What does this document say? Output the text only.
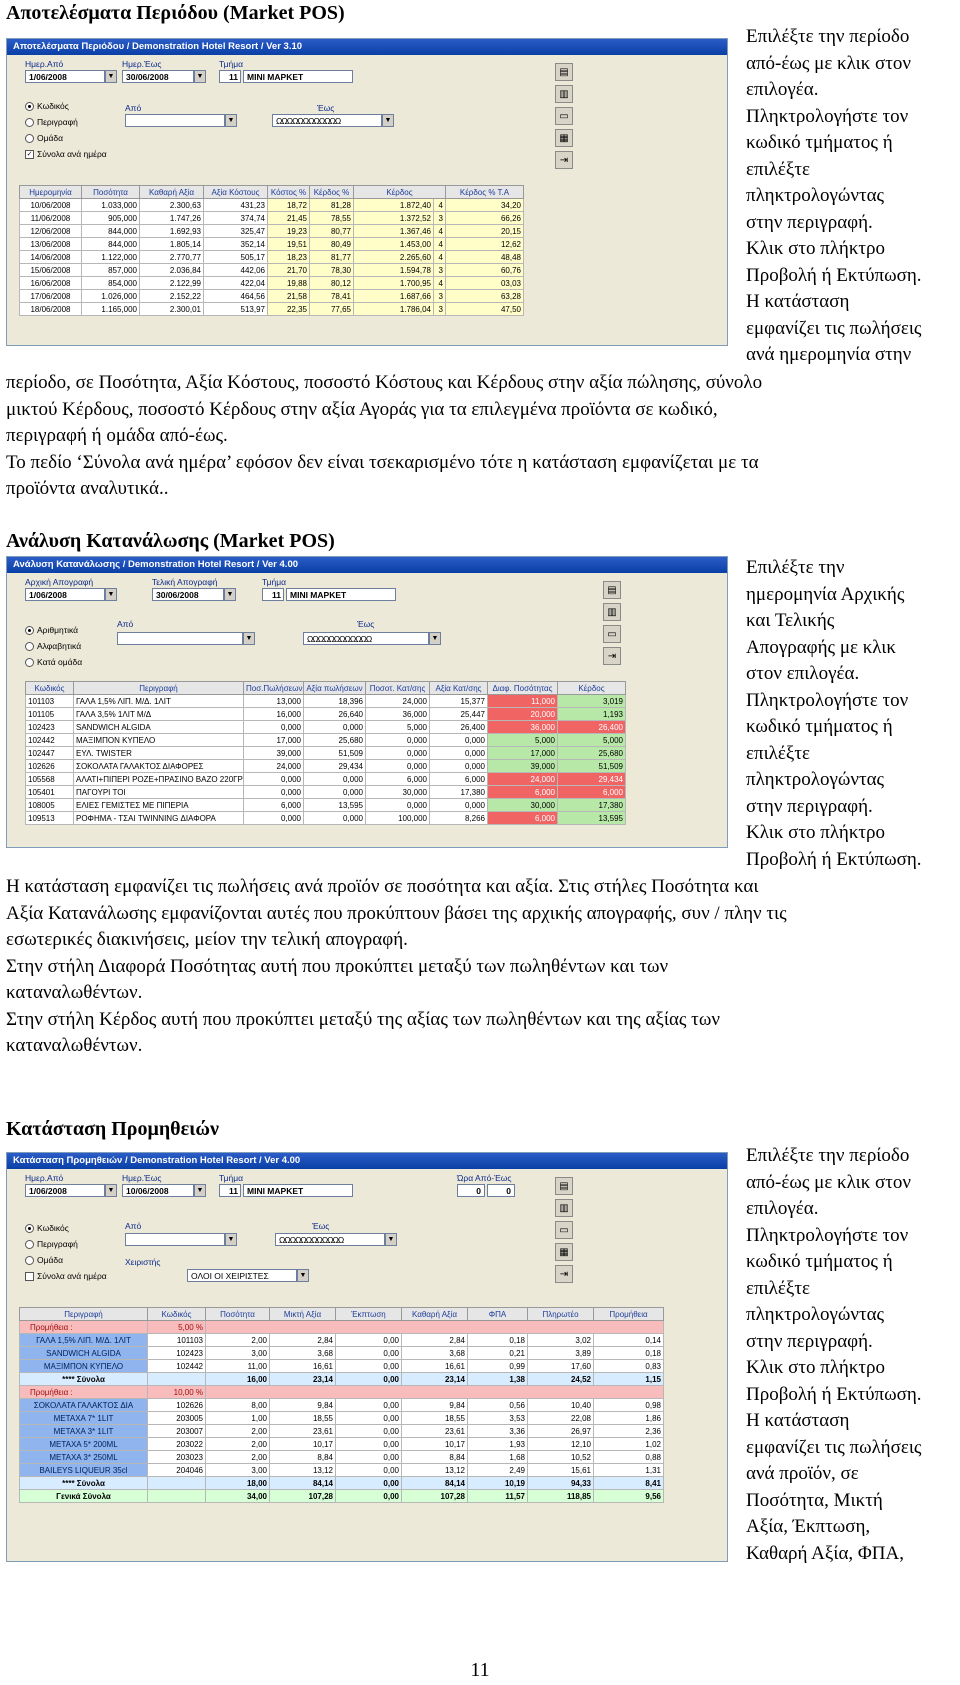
Αποτελέσματα Περιόδου (Market POS)
Αποτελέσματα Περιόδου / Demonstration Hotel Resort / Ver 3.10
Ημερ.Από
1/06/2008	▼
Ημερ.Έως
30/06/2008	▼
Τμήμα
11	MINI MAPKET
Κωδικός
Περιγραφή
Ομάδα
✓ Σύνολα ανά ημέρα
Από
▼
Έως
ΩΩΩΩΩΩΩΩΩΩΩΩ	▼
▤
▥
▭
▦
⇥
Ημερομηνία	Ποσότητα	Καθαρή Αξία	Αξία Κόστους	Κόστος %	Κέρδος %	Κέρδος		Κέρδος % Τ.Α
10/06/2008	1.033,000	2.300,63	431,23	18,72	81,28	1.872,40	4	34,20
11/06/2008	905,000	1.747,26	374,74	21,45	78,55	1.372,52	3	66,26
12/06/2008	844,000	1.692,93	325,47	19,23	80,77	1.367,46	4	20,15
13/06/2008	844,000	1.805,14	352,14	19,51	80,49	1.453,00	4	12,62
14/06/2008	1.122,000	2.770,77	505,17	18,23	81,77	2.265,60	4	48,48
15/06/2008	857,000	2.036,84	442,06	21,70	78,30	1.594,78	3	60,76
16/06/2008	854,000	2.122,99	422,04	19,88	80,12	1.700,95	4	03,03
17/06/2008	1.026,000	2.152,22	464,56	21,58	78,41	1.687,66	3	63,28
18/06/2008	1.165,000	2.300,01	513,97	22,35	77,65	1.786,04	3	47,50
Επιλέξτε την περίοδο
από-έως με κλικ στον
επιλογέα.
Πληκτρολογήστε τον
κωδικό τμήματος ή
επιλέξτε
πληκτρολογώντας
στην περιγραφή.
Κλικ στο πλήκτρο
Προβολή ή Εκτύπωση.
Η κατάσταση
εμφανίζει τις πωλήσεις
ανά ημερομηνία στην
περίοδο, σε Ποσότητα, Αξία Κόστους, ποσοστό Κόστους και Κέρδους στην αξία πώλησης, σύνολο
μικτού Κέρδους, ποσοστό Κέρδους στην αξία Αγοράς για τα επιλεγμένα προϊόντα σε κωδικό,
περιγραφή ή ομάδα από-έως.
Το πεδίο ‘Σύνολα ανά ημέρα’ εφόσον δεν είναι τσεκαρισμένο τότε η κατάσταση εμφανίζεται με τα
προϊόντα αναλυτικά..
Ανάλυση Κατανάλωσης (Market POS)
Ανάλυση Κατανάλωσης / Demonstration Hotel Resort / Ver 4.00
Αρχική Απογραφή
1/06/2008	▼
Τελική Απογραφή
30/06/2008	▼
Τμήμα
11	MINI MAPKET
Αριθμητικά
Αλφαβητικά
Κατά ομάδα
Από
▼
Έως
ΩΩΩΩΩΩΩΩΩΩΩΩ	▼
▤
▥
▭
⇥
Κωδικός	Περιγραφή	Ποσ.Πωλήσεων	Αξία πωλήσεων	Ποσοτ. Κατ/σης	Αξία Κατ/σης	Διαφ. Ποσότητας	Κέρδος
101103	ΓΑΛΑ 1,5% ΛΙΠ. Μ/Δ. 1ΛΙΤ	13,000	18,396	24,000	15,377	11,000	3,019
101105	ΓΑΛΑ 3,5% 1ΛΙΤ Μ/Δ	16,000	26,640	36,000	25,447	20,000	1,193
102423	SANDWICH ALGIDA	0,000	0,000	5,000	26,400	36,000	26,400
102442	ΜΑΞΙΜΠΟΝ ΚΥΠΕΛΟ	17,000	25,680	0,000	0,000	5,000	5,000
102447	ΕΥΛ. TWISTER	39,000	51,509	0,000	0,000	17,000	25,680
102626	ΣΟΚΟΛΑΤΑ ΓΑΛΑΚΤΟΣ ΔΙΑΦΟΡΕΣ	24,000	29,434	0,000	0,000	39,000	51,509
105568	ΑΛΑΤΙ+ΠΙΠΕΡΙ ΡΟΖΕ+ΠΡΑΣΙΝΟ ΒΑΖΟ 220ΓΡ	0,000	0,000	6,000	6,000	24,000	29,434
105401	ΠΑΓΟΥΡΙ ΤΟΙ	0,000	0,000	30,000	17,380	6,000	6,000
108005	ΕΛΙΕΣ ΓΕΜΙΣΤΕΣ ΜΕ ΠΙΠΕΡΙΑ	6,000	13,595	0,000	0,000	30,000	17,380
109513	ΡΟΦΗΜΑ - ΤΣΑΙ TWINNING ΔΙΑΦΟΡΑ	0,000	0,000	100,000	8,266	6,000	13,595
Επιλέξτε την
ημερομηνία Αρχικής
και Τελικής
Απογραφής με κλικ
στον επιλογέα.
Πληκτρολογήστε τον
κωδικό τμήματος ή
επιλέξτε
πληκτρολογώντας
στην περιγραφή.
Κλικ στο πλήκτρο
Προβολή ή Εκτύπωση.
Η κατάσταση εμφανίζει τις πωλήσεις ανά προϊόν σε ποσότητα και αξία. Στις στήλες Ποσότητα και
Αξία Κατανάλωσης εμφανίζονται αυτές που προκύπτουν βάσει της αρχικής απογραφής, συν / πλην τις
εσωτερικές διακινήσεις, μείον την τελική απογραφή.
Στην στήλη Διαφορά Ποσότητας αυτή που προκύπτει μεταξύ των πωληθέντων και των
καταναλωθέντων.
Στην στήλη Κέρδος αυτή που προκύπτει μεταξύ της αξίας των πωληθέντων και της αξίας των
καταναλωθέντων.
Κατάσταση Προμηθειών
Κατάσταση Προμηθειών / Demonstration Hotel Resort / Ver 4.00
Ημερ.Από
1/06/2008	▼
Ημερ.Έως
10/06/2008	▼
Τμήμα
11	MINI MAPKET
Ώρα Από-Έως
0	0
Κωδικός
Περιγραφή
Ομάδα
Σύνολα ανά ημέρα
Από
▼
Έως
ΩΩΩΩΩΩΩΩΩΩΩΩ	▼
Χειριστής
ΟΛΟΙ ΟΙ ΧΕΙΡΙΣΤΕΣ	▼
▤
▥
▭
▦
⇥
Περιγραφή	Κωδικός	Ποσότητα	Μικτή Αξία	Έκπτωση	Καθαρή Αξία	ΦΠΑ	Πληρωτέο	Προμήθεια
Προμήθεια :	5,00 %							
ΓΑΛΑ 1,5% ΛΙΠ. Μ/Δ. 1ΛΙΤ	101103	2,00	2,84	0,00	2,84	0,18	3,02	0,14
SANDWICH ALGIDA	102423	3,00	3,68	0,00	3,68	0,21	3,89	0,18
ΜΑΞΙΜΠΟΝ ΚΥΠΕΛΟ	102442	11,00	16,61	0,00	16,61	0,99	17,60	0,83
**** Σύνολα		16,00	23,14	0,00	23,14	1,38	24,52	1,15
Προμήθεια :	10,00 %							
ΣΟΚΟΛΑΤΑ ΓΑΛΑΚΤΟΣ ΔΙΑ	102626	8,00	9,84	0,00	9,84	0,56	10,40	0,98
METAXA 7* 1LIT	203005	1,00	18,55	0,00	18,55	3,53	22,08	1,86
METAXA 3* 1LIT	203007	2,00	23,61	0,00	23,61	3,36	26,97	2,36
METAXA 5* 200ML	203022	2,00	10,17	0,00	10,17	1,93	12,10	1,02
METAXA 3* 250ML	203023	2,00	8,84	0,00	8,84	1,68	10,52	0,88
BAILEYS LIQUEUR 35cl	204046	3,00	13,12	0,00	13,12	2,49	15,61	1,31
**** Σύνολα		18,00	84,14	0,00	84,14	10,19	94,33	8,41
Γενικά Σύνολα		34,00	107,28	0,00	107,28	11,57	118,85	9,56
Επιλέξτε την περίοδο
από-έως με κλικ στον
επιλογέα.
Πληκτρολογήστε τον
κωδικό τμήματος ή
επιλέξτε
πληκτρολογώντας
στην περιγραφή.
Κλικ στο πλήκτρο
Προβολή ή Εκτύπωση.
Η κατάσταση
εμφανίζει τις πωλήσεις
ανά προϊόν, σε
Ποσότητα, Μικτή
Αξία, Έκπτωση,
Καθαρή Αξία, ΦΠΑ,
11
